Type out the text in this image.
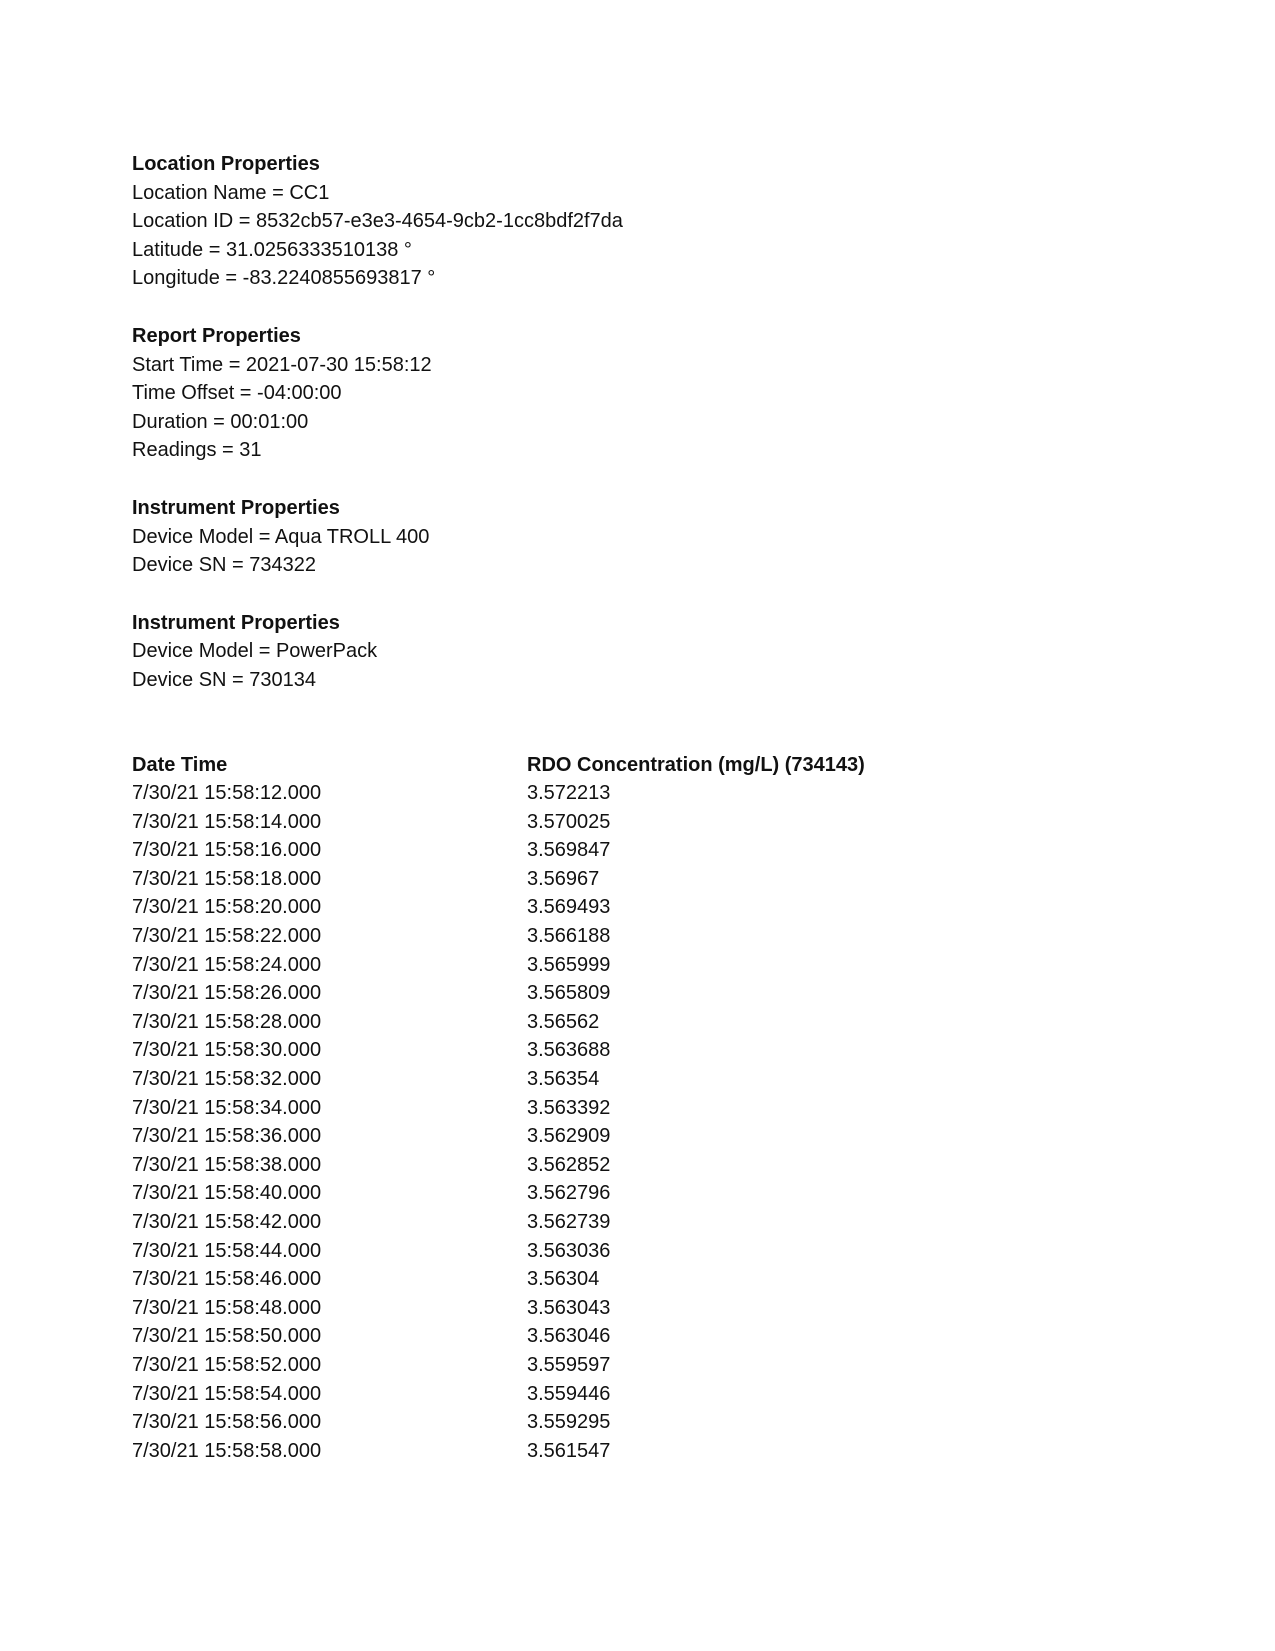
Location Properties
Location Name = CC1
Location ID = 8532cb57-e3e3-4654-9cb2-1cc8bdf2f7da
Latitude = 31.0256333510138 °
Longitude = -83.2240855693817 °
Report Properties
Start Time = 2021-07-30 15:58:12
Time Offset = -04:00:00
Duration = 00:01:00
Readings = 31
Instrument Properties
Device Model = Aqua TROLL 400
Device SN = 734322
Instrument Properties
Device Model = PowerPack
Device SN = 730134
Date Time	RDO Concentration (mg/L) (734143)
7/30/21 15:58:12.000	3.572213
7/30/21 15:58:14.000	3.570025
7/30/21 15:58:16.000	3.569847
7/30/21 15:58:18.000	3.56967
7/30/21 15:58:20.000	3.569493
7/30/21 15:58:22.000	3.566188
7/30/21 15:58:24.000	3.565999
7/30/21 15:58:26.000	3.565809
7/30/21 15:58:28.000	3.56562
7/30/21 15:58:30.000	3.563688
7/30/21 15:58:32.000	3.56354
7/30/21 15:58:34.000	3.563392
7/30/21 15:58:36.000	3.562909
7/30/21 15:58:38.000	3.562852
7/30/21 15:58:40.000	3.562796
7/30/21 15:58:42.000	3.562739
7/30/21 15:58:44.000	3.563036
7/30/21 15:58:46.000	3.56304
7/30/21 15:58:48.000	3.563043
7/30/21 15:58:50.000	3.563046
7/30/21 15:58:52.000	3.559597
7/30/21 15:58:54.000	3.559446
7/30/21 15:58:56.000	3.559295
7/30/21 15:58:58.000	3.561547
